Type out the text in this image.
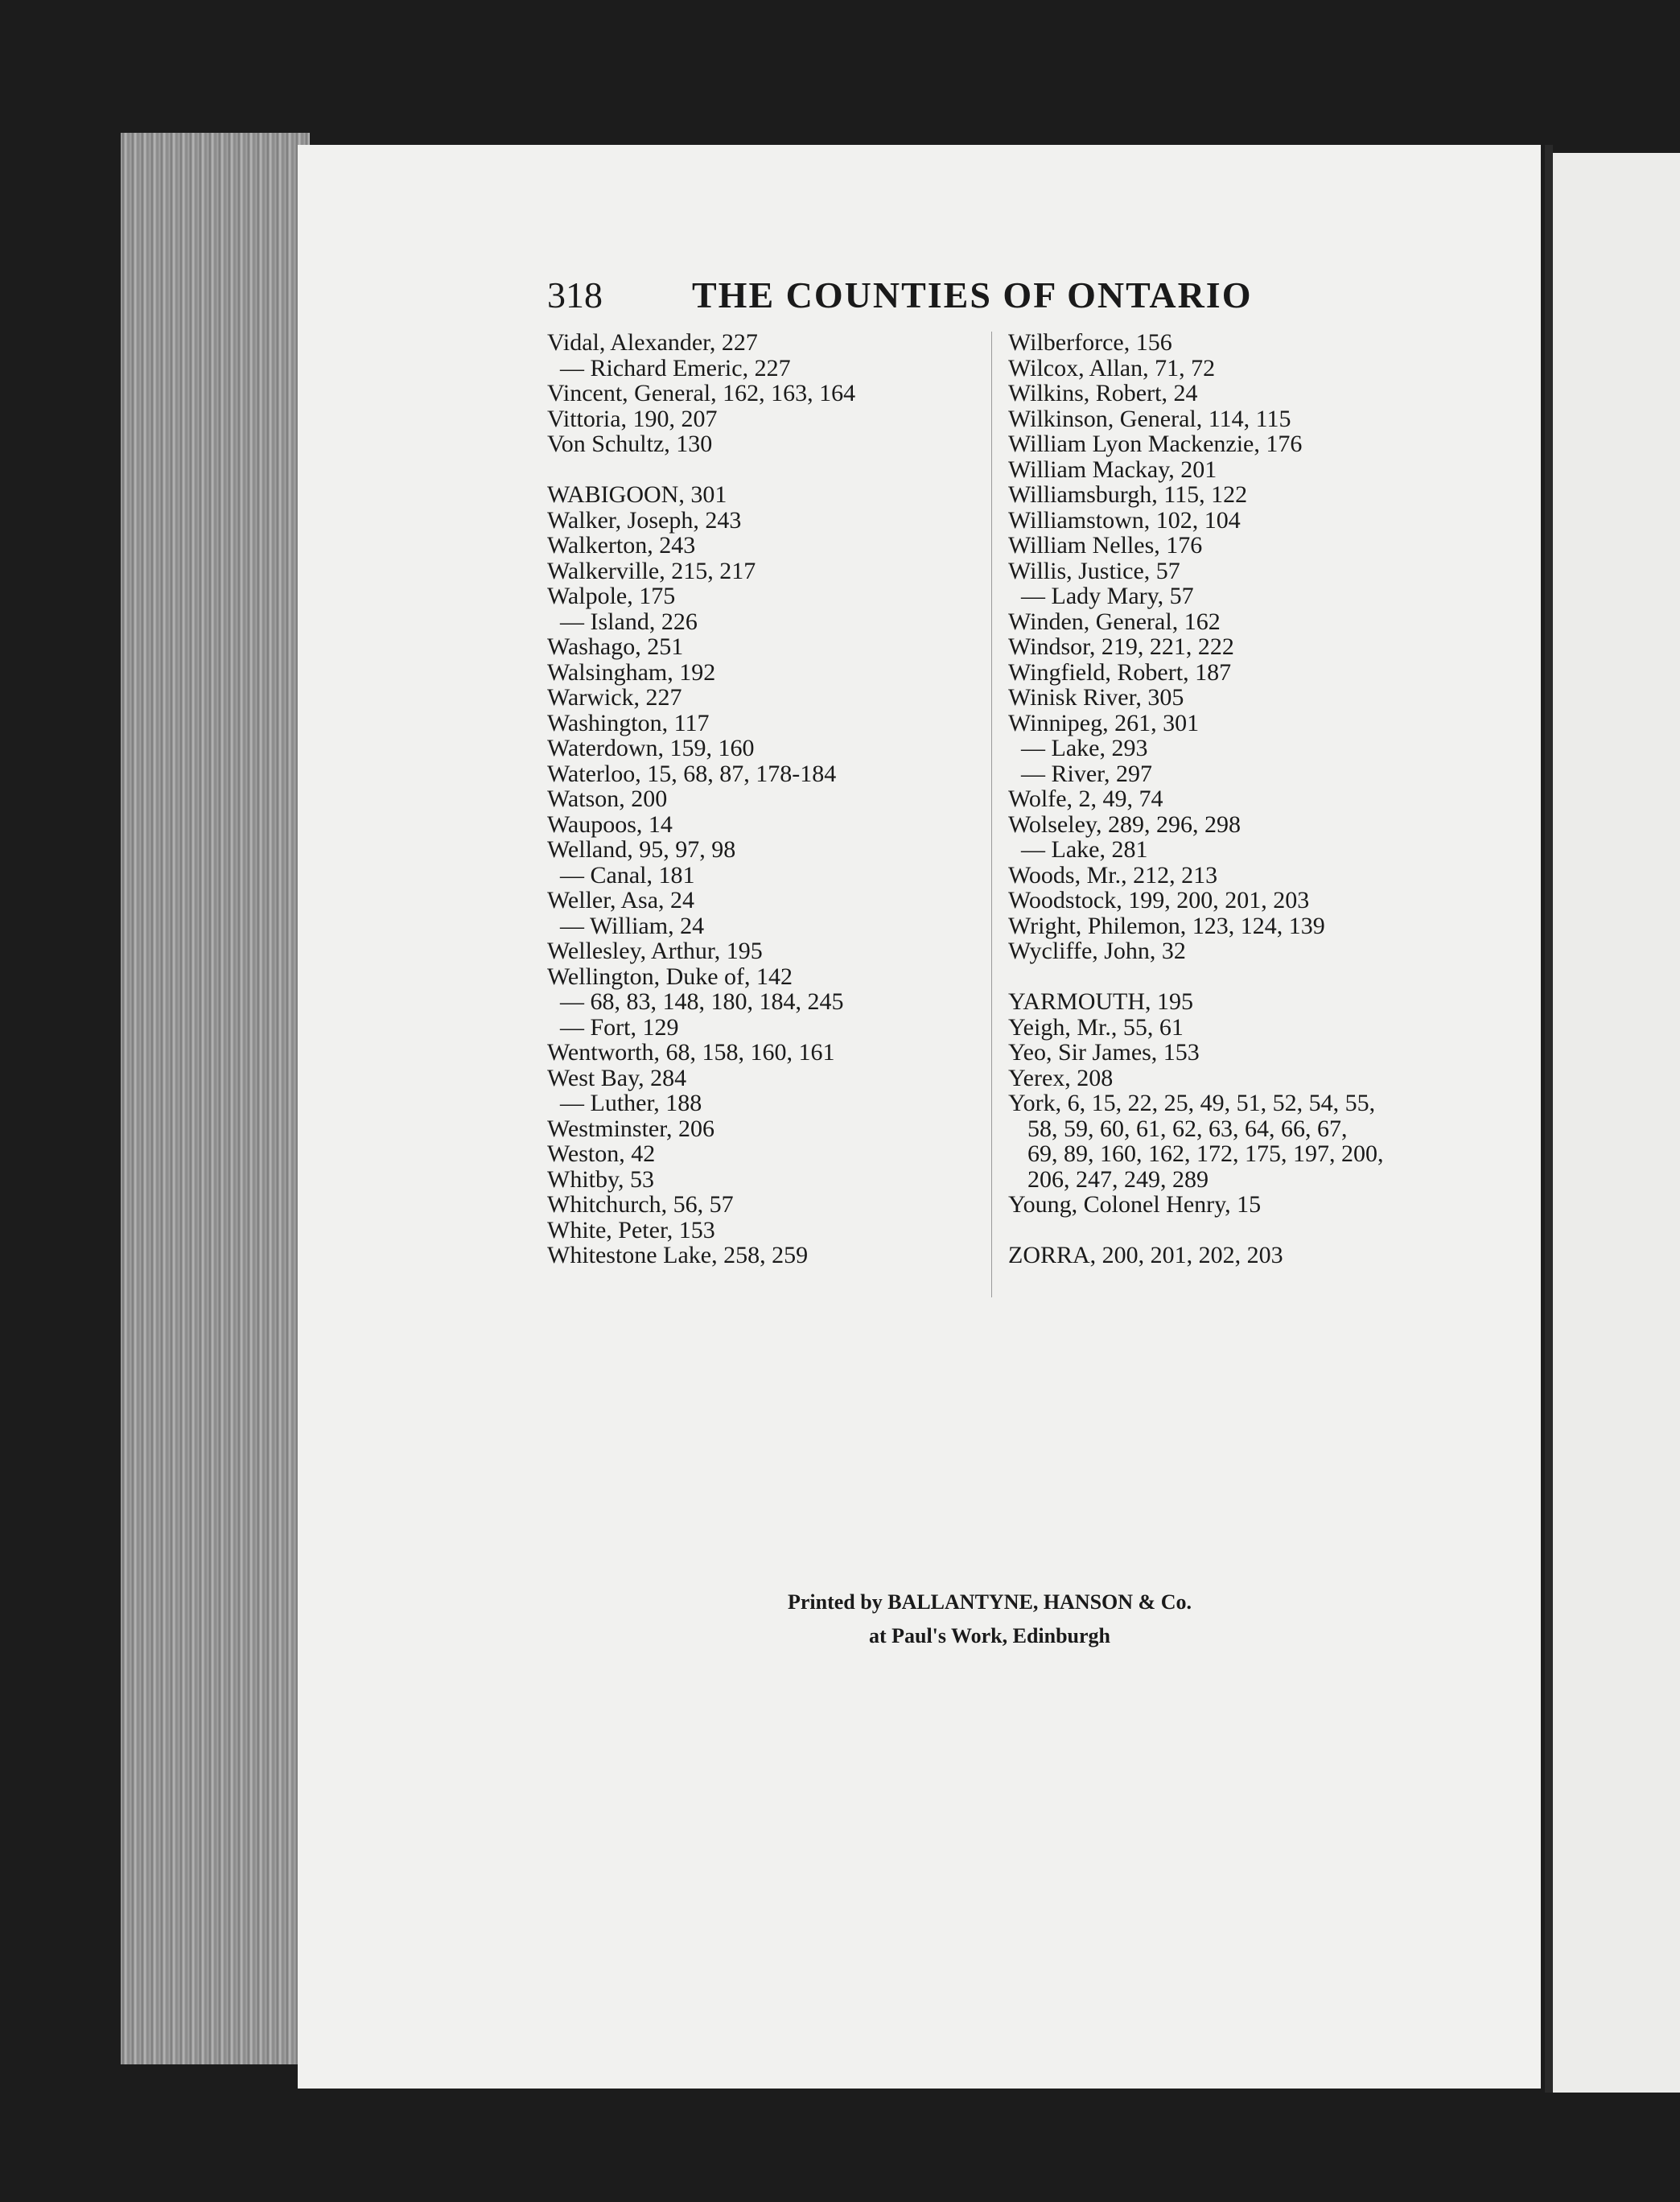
318 THE COUNTIES OF ONTARIO
Vidal, Alexander, 227
— Richard Emeric, 227
Vincent, General, 162, 163, 164
Vittoria, 190, 207
Von Schultz, 130
WABIGOON, 301
Walker, Joseph, 243
Walkerton, 243
Walkerville, 215, 217
Walpole, 175
— Island, 226
Washago, 251
Walsingham, 192
Warwick, 227
Washington, 117
Waterdown, 159, 160
Waterloo, 15, 68, 87, 178-184
Watson, 200
Waupoos, 14
Welland, 95, 97, 98
— Canal, 181
Weller, Asa, 24
— William, 24
Wellesley, Arthur, 195
Wellington, Duke of, 142
— 68, 83, 148, 180, 184, 245
— Fort, 129
Wentworth, 68, 158, 160, 161
West Bay, 284
— Luther, 188
Westminster, 206
Weston, 42
Whitby, 53
Whitchurch, 56, 57
White, Peter, 153
Whitestone Lake, 258, 259
Wilberforce, 156
Wilcox, Allan, 71, 72
Wilkins, Robert, 24
Wilkinson, General, 114, 115
William Lyon Mackenzie, 176
William Mackay, 201
Williamsburgh, 115, 122
Williamstown, 102, 104
William Nelles, 176
Willis, Justice, 57
— Lady Mary, 57
Winden, General, 162
Windsor, 219, 221, 222
Wingfield, Robert, 187
Winisk River, 305
Winnipeg, 261, 301
— Lake, 293
— River, 297
Wolfe, 2, 49, 74
Wolseley, 289, 296, 298
— Lake, 281
Woods, Mr., 212, 213
Woodstock, 199, 200, 201, 203
Wright, Philemon, 123, 124, 139
Wycliffe, John, 32
YARMOUTH, 195
Yeigh, Mr., 55, 61
Yeo, Sir James, 153
Yerex, 208
York, 6, 15, 22, 25, 49, 51, 52, 54, 55,
58, 59, 60, 61, 62, 63, 64, 66, 67,
69, 89, 160, 162, 172, 175, 197, 200,
206, 247, 249, 289
Young, Colonel Henry, 15
ZORRA, 200, 201, 202, 203
Printed by BALLANTYNE, HANSON & Co.
at Paul's Work, Edinburgh
